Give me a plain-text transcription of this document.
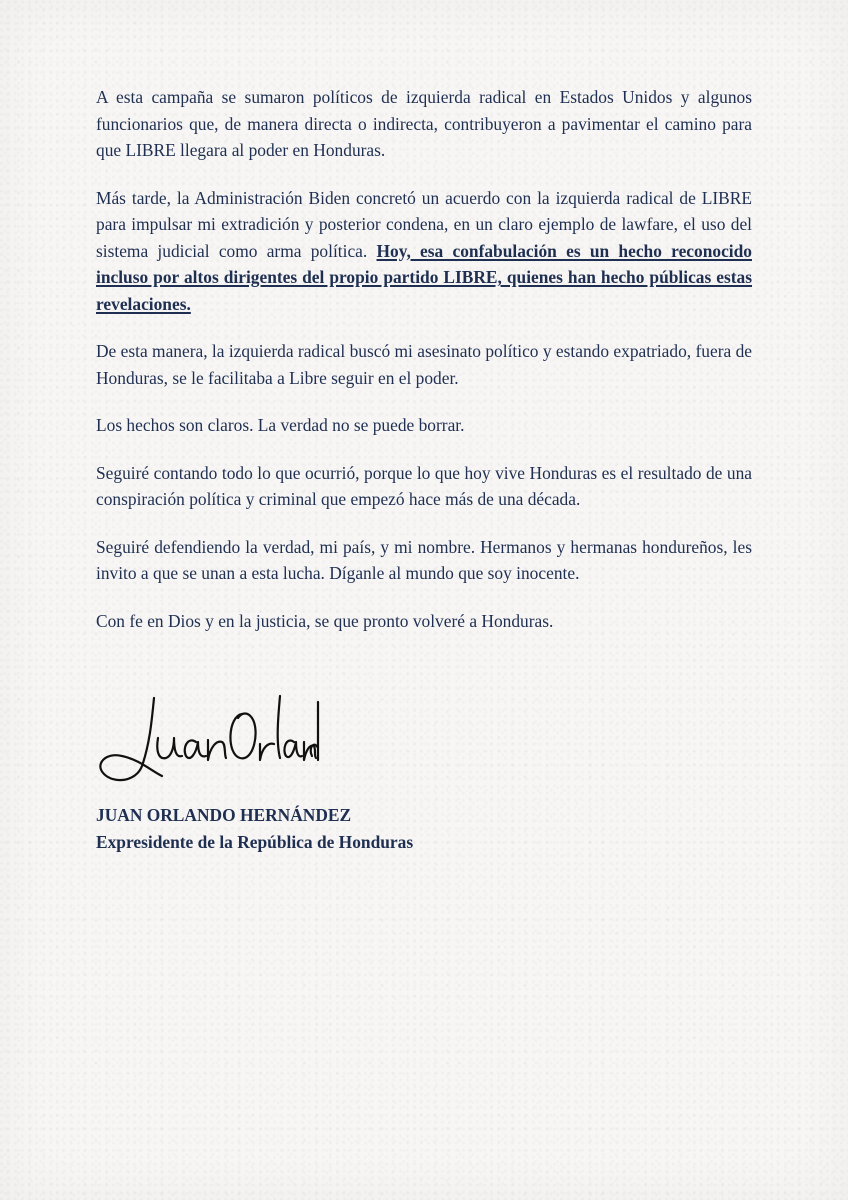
A esta campaña se sumaron políticos de izquierda radical en Estados Unidos y algunos funcionarios que, de manera directa o indirecta, contribuyeron a pavimentar el camino para que LIBRE llegara al poder en Honduras.

Más tarde, la Administración Biden concretó un acuerdo con la izquierda radical de LIBRE para impulsar mi extradición y posterior condena, en un claro ejemplo de lawfare, el uso del sistema judicial como arma política. Hoy, esa confabulación es un hecho reconocido incluso por altos dirigentes del propio partido LIBRE, quienes han hecho públicas estas revelaciones.

De esta manera, la izquierda radical buscó mi asesinato político y estando expatriado, fuera de Honduras, se le facilitaba a Libre seguir en el poder.

Los hechos son claros. La verdad no se puede borrar.

Seguiré contando todo lo que ocurrió, porque lo que hoy vive Honduras es el resultado de una conspiración política y criminal que empezó hace más de una década.

Seguiré defendiendo la verdad, mi país, y mi nombre. Hermanos y hermanas hondureños, les invito a que se unan a esta lucha. Díganle al mundo que soy inocente.

Con fe en Dios y en la justicia, se que pronto volveré a Honduras.

JUAN ORLANDO HERNÁNDEZ
Expresidente de la República de Honduras
